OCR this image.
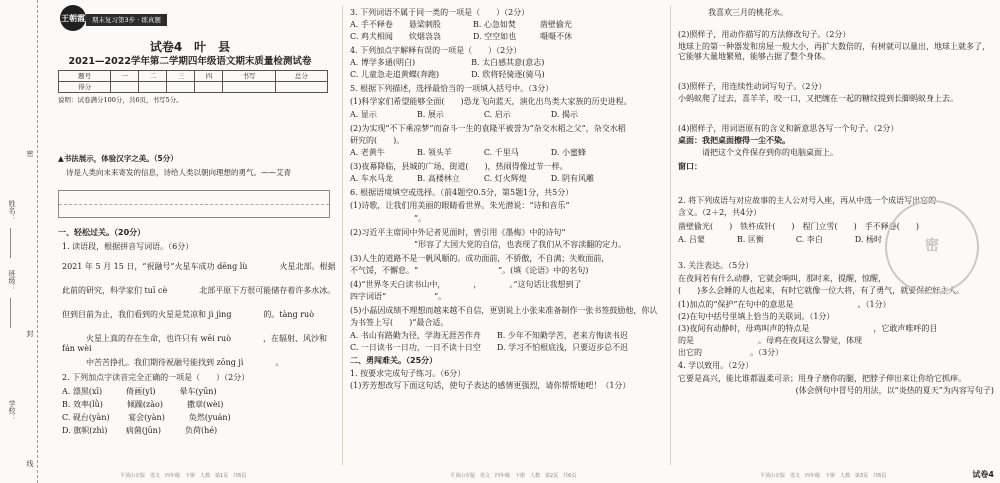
姓名：
班级：
学校：
密
封
线
王朝霞	期末复习第3步 · 练真题
试卷4　叶　县
2021—2022学年第二学期四年级语文期末质量检测试卷
题号	一	二	三	四	书写	总分
得分						
说明：试卷满分100分，共6页，书写5分。
▲书法展示，体验汉字之美。（5分）
诗是人类向未来寄发的信息，诗给人类以朝向理想的勇气。——艾青
一、轻松过关。（20分）
1. 读语段，根据拼音写词语。（6分）
2021 年 5 月 15 日，“祝融号”火星车成功 dēng lù　　　　火星北部。根据
此前的研究，科学家们 tuī cè　　　　北部平原下方很可能储存着许多水冰。
但到目前为止，我们看到的火星是荒凉和 jì jìng　　　　的。tàng ruò
　　　火星上真的存在生命，也许只有 wēi ruò　　　　，在辐射、风沙和 fán wèi
　　　中苦苦挣扎。我们期待祝融号能找到 zōng jì　　　　。
2. 下列加点字读音完全正确的一项是（　　）（2分）
A. 漂黑(xī)　　　倚画(yǐ)　　　晕车(yūn)
B. 效率(lǜ)　　　倾躁(zào)　　　撒章(wèi)
C. 砚台(yàn)　　 宴会(yàn)　　　奂然(yuán)
D. 旗帜(zhì)　　 病菌(jūn)　　　负荷(hé)
平顶山专版　语文　四年级　下册　人教　第1页　共6页
3. 下列词语不属于同一类的一项是（　　）（2分）
A. 手不释卷　　悬梁刺股　　　　B. 心急如焚　　　凿壁偷光
C. 鸡犬相闻　　炊烟袅袅　　　　D. 空空如也　　　嗫嗫不休
4. 下列加点字解释有误的一项是（　　）（2分）
A. 博学多通(明白)　　　　　　　B. 太白感其意(意志)
C. 儿童急走追黄蝶(奔跑)　　　　D. 欣将轻骑逐(骑马)
5. 根据下列描述，选择最恰当的一项填入括号中。（3分）
(1)科学家们希望能够全面(　　)恐龙飞向蓝天，演化出鸟类大家族的历史进程。
A. 显示　　　　　B. 展示　　　　　C. 启示　　　　　D. 揭示
(2)为实现“不下乘凉梦”而奋斗一生的袁隆平被誉为“杂交水稻之父”，杂交水稻
研究的(　　)。
A. 老黄牛　　　　B. 领头羊　　　　C. 千里马　　　　D. 小蜜蜂
(3)夜幕降临，县城的广场、街道(　　)，热闹得像过节一样。
A. 车水马龙　　　B. 高楼林立　　　C. 灯火辉煌　　　D. 阴有风雕
6. 根据语境填空或选择。（前4题空0.5分，第5题1分，共5分）
(1)诗歌，让我们用美丽的眼睛看世界。朱光潜说：“诗和音乐“
　　　　　　　　”。
(2)习近平主席同中外记者见面时，曾引用《墨梅》中的诗句“
　　　　　　　　”形容了大国大党的自信，也表现了我们从不容渎翻的定力。
(3)人生的道路不是一帆风顺的。成功面前，不骄傲，不自满；失败面前，
不气馁，不懈怠。“　　　　　　　　　　”。(填《论语》中的名句)
(4)“世界冬天白读书山中，　　　　，　　　　。”这句话让我想到了
四字词语“　　　　　　”。
(5)小磊因成绩不理想而越来越不自信，更别说上小张来准备制作一张书签鼓励他，你认
为书签上写(　　)“最合适。
A. 书山有路勤为径，学海无涯苦作舟　　B. 少年不知勤学苦，老来方悔读书迟
C. 一日读书一日功，一日不读十日空　　D. 学习不怕根底浅，只要迈步总不迟
二、勇闯难关。（25分）
1. 按要求完成句子练习。（6分）
(1)芳芳想改写下面这句话，使句子表达的感情更强烈，请你帮帮她吧！（1分）
平顶山专版　语文　四年级　下册　人教　第2页　共6页
我喜欢三月的桃花水。
(2)照样子，用动作描写的方法修改句子。（2分）
地球上的第一种器发和房屋一般大小，再扩大数倍的，有树就可以量出，地球上就多了，它能够大量地繁殖，能够占据了整个身体。
(3)照样子，用连续性动词写句子。（2分）
小蚂蚁爬了过去，喜羊羊，咬一口，又把缠在一起的糖纹提到长脚蚂蚁身上去。
(4)照样子，用词语原有的含义和新意思各写一个句子。（2分）
桌面：我把桌面擦得一尘不染。
　　　请把这个文件保存到你的电脑桌面上。
窗口：
2. 将下列成语与对应故事的主人公对号入座，再从中选一个成语写出它的
含义。（2＋2，共4分）
凿壁偷光(　　)　铁杵成针(　　)　程门立雪(　　)　手不释卷(　　)
A. 吕蒙　　　　B. 匡衡　　　　C. 李白　　　　D. 杨时
3. 关注表达。（5分）
在夜间若有什么动静，它就会响叫，那时来，提醒，惊醒，
(　　)多么会睡的人也起来，有时它就像一位大将，有了勇气，就要保护好主人。
(1)加点的“保护”在句中的意思是　　　　　　　　。（1分）
(2)在句中括号里填上恰当的关联词。（1分）
(3)夜间有动静时，母鸡叫声的特点是　　　　　　　　，它敢声唯呼的目
的是　　　　　　　　。母鸡在夜间这么警觉，体现
出它的　　　　　　。（3分）
4. 学以致用。（2分）
它要是高兴，能比谁都温柔可亲；用身子磨你的腿，把脖子伸出来让你给它抓痒。
(体会例句中冒号的用法，以“炎热的夏天”为内容写句子)
密
平顶山专版　语文　四年级　下册　人教　第3页　共6页	试卷4
